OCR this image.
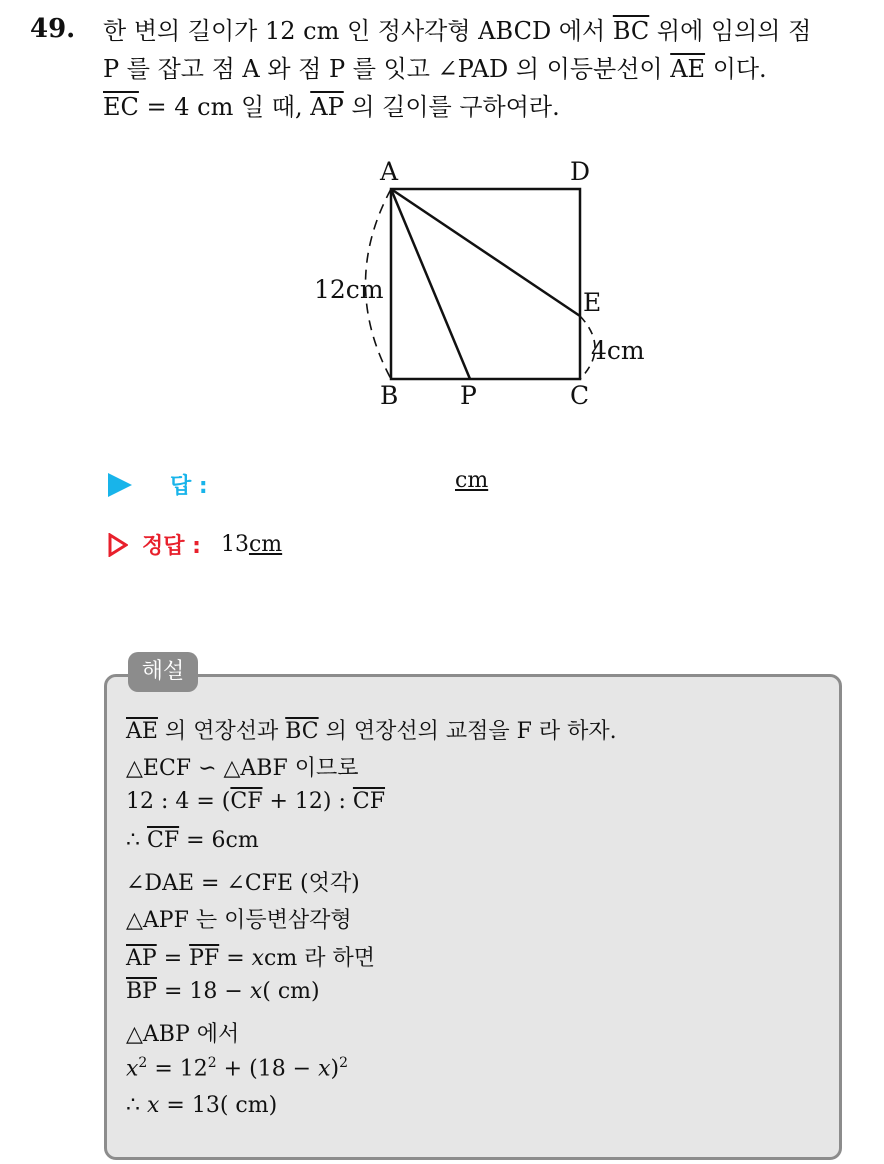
49. 한 변의 길이가 12 cm 인 정사각형 ABCD 에서 $\overline{BC}$ 위에 임의의 점
P 를 잡고 점 A 와 점 P 를 잇고 ∠PAD 의 이등분선이 $\overline{AE}$ 이다.
$\overline{EC} = 4$ cm 일 때, $\overline{AP}$ 의 길이를 구하여라.
A	D
B P	C
E
12cm
4cm
답 :	cm
정답 : 13cm
해설
$\overline{AE}$ 의 연장선과 $\overline{BC}$ 의 연장선의 교점을 F 라 하자.
△ECF ∽ △ABF 이므로
12 : $4 = (\overline{CF} + 12)$ : $\overline{CF}$
∴ $\overline{CF} = 6cm$
∠DAE = ∠CFE (엇각)
△APF 는 이등변삼각형
$\overline{AP} = \overline{PF}$ = xcm 라 하면
$\overline{BP} = 18 - x$( cm)
△ABP 에서
$x^2 = 12^2 + (18 - x)^2$
∴ x = 13( cm)
